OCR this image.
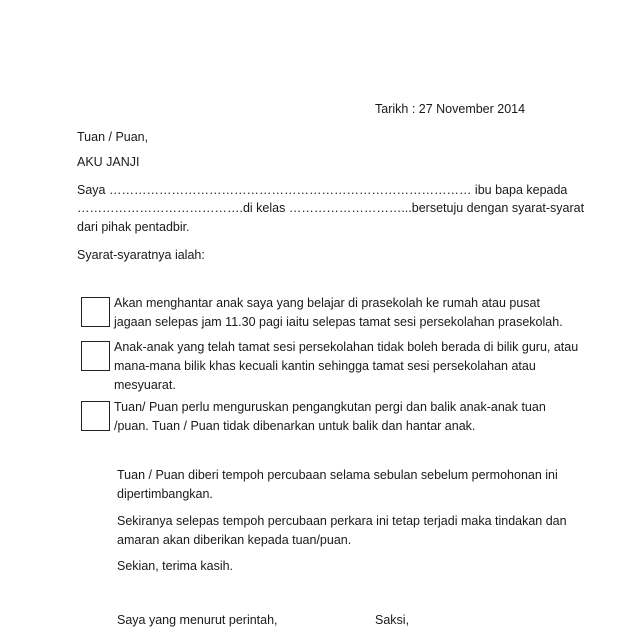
Tarikh : 27 November 2014
Tuan / Puan,
AKU JANJI
Saya …………………………………………………………………………… ibu bapa kepada
………………………………….di kelas ………………………...bersetuju dengan syarat-syarat
dari pihak pentadbir.
Syarat-syaratnya ialah:
Akan menghantar anak saya yang belajar di prasekolah ke rumah atau pusat
jagaan selepas jam 11.30 pagi iaitu selepas tamat sesi persekolahan prasekolah.
Anak-anak yang telah tamat sesi persekolahan tidak boleh berada di bilik guru, atau
mana-mana bilik khas kecuali kantin sehingga tamat sesi persekolahan atau
mesyuarat.
Tuan/ Puan perlu menguruskan pengangkutan pergi dan balik anak-anak tuan
/puan. Tuan / Puan tidak dibenarkan untuk balik dan hantar anak.
Tuan / Puan diberi tempoh percubaan selama sebulan sebelum permohonan ini
dipertimbangkan.
Sekiranya selepas tempoh percubaan perkara ini tetap terjadi maka tindakan dan
amaran akan diberikan kepada tuan/puan.
Sekian, terima kasih.
Saya yang menurut perintah,	Saksi,
